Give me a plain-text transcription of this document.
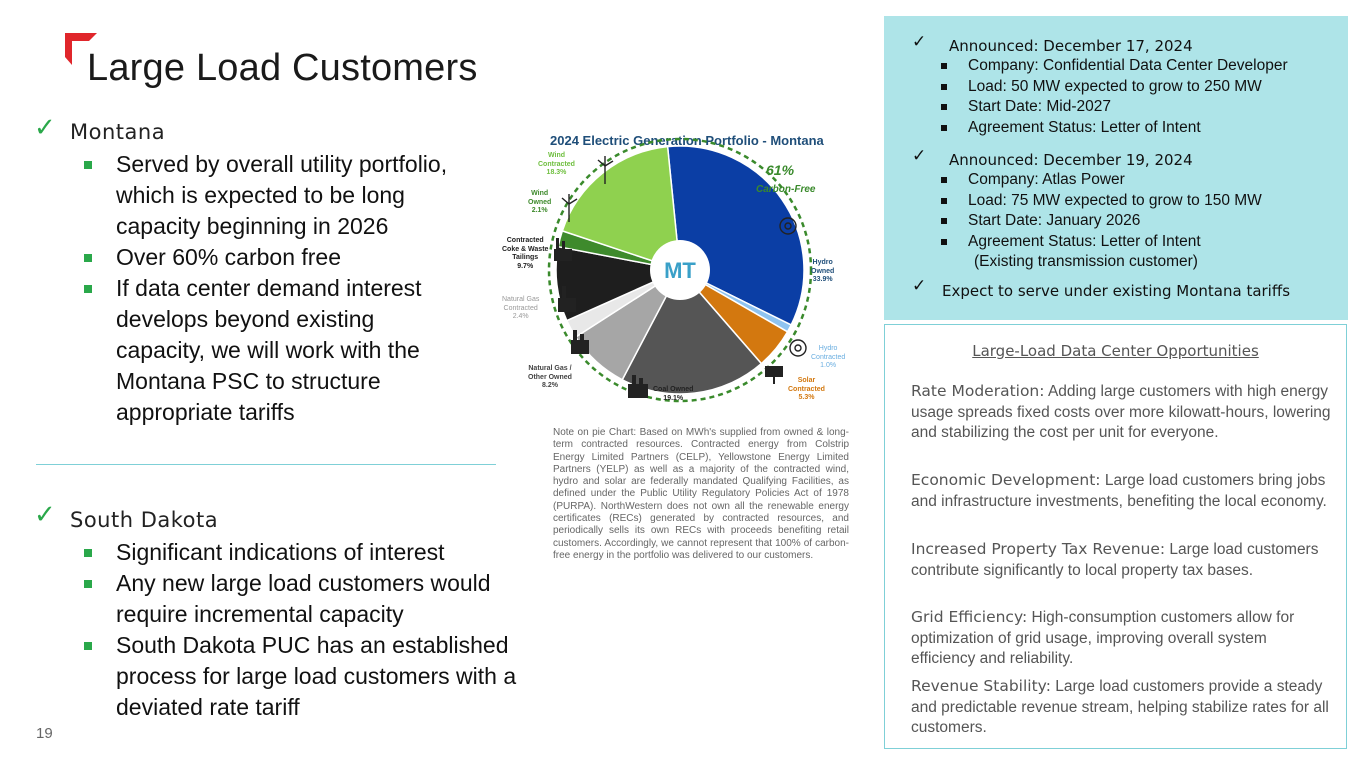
Large Load Customers
✓ Montana
Served by overall utility portfolio, which is expected to be long capacity beginning in 2026
Over 60% carbon free
If data center demand interest develops beyond existing capacity, we will work with the Montana PSC to structure appropriate tariffs
✓ South Dakota
Significant indications of interest
Any new large load customers would require incremental capacity
South Dakota PUC has an established process for large load customers with a deviated rate tariff
19
2024 Electric Generation Portfolio - Montana
MT
61%
Carbon-Free
Wind
Contracted
18.3%
Wind
Owned
2.1%
Contracted
Coke & Waste
Tailings
9.7%
Natural Gas
Contracted
2.4%
Natural Gas /
Other Owned
8.2%
Coal Owned
19.1%
Solar
Contracted
5.3%
Hydro
Contracted
1.0%
Hydro
Owned
33.9%
Note on pie Chart: Based on MWh's supplied from owned & long-term contracted resources. Contracted energy from Colstrip Energy Limited Partners (CELP), Yellowstone Energy Limited Partners (YELP) as well as a majority of the contracted wind, hydro and solar are federally mandated Qualifying Facilities, as defined under the Public Utility Regulatory Policies Act of 1978 (PURPA). NorthWestern does not own all the renewable energy certificates (RECs) generated by contracted resources, and periodically sells its own RECs with proceeds benefiting retail customers. Accordingly, we cannot represent that 100% of carbon-free energy in the portfolio was delivered to our customers.
✓ Announced: December 17, 2024
Company: Confidential Data Center Developer
Load: 50 MW expected to grow to 250 MW
Start Date: Mid-2027
Agreement Status: Letter of Intent
✓ Announced: December 19, 2024
Company: Atlas Power
Load: 75 MW expected to grow to 150 MW
Start Date: January 2026
Agreement Status: Letter of Intent
(Existing transmission customer)
✓ Expect to serve under existing Montana tariffs
Large-Load Data Center Opportunities
Rate Moderation: Adding large customers with high energy usage spreads fixed costs over more kilowatt-hours, lowering and stabilizing the cost per unit for everyone.
Economic Development: Large load customers bring jobs and infrastructure investments, benefiting the local economy.
Increased Property Tax Revenue: Large load customers contribute significantly to local property tax bases.
Grid Efficiency: High-consumption customers allow for optimization of grid usage, improving overall system efficiency and reliability.
Revenue Stability: Large load customers provide a steady and predictable revenue stream, helping stabilize rates for all customers.
